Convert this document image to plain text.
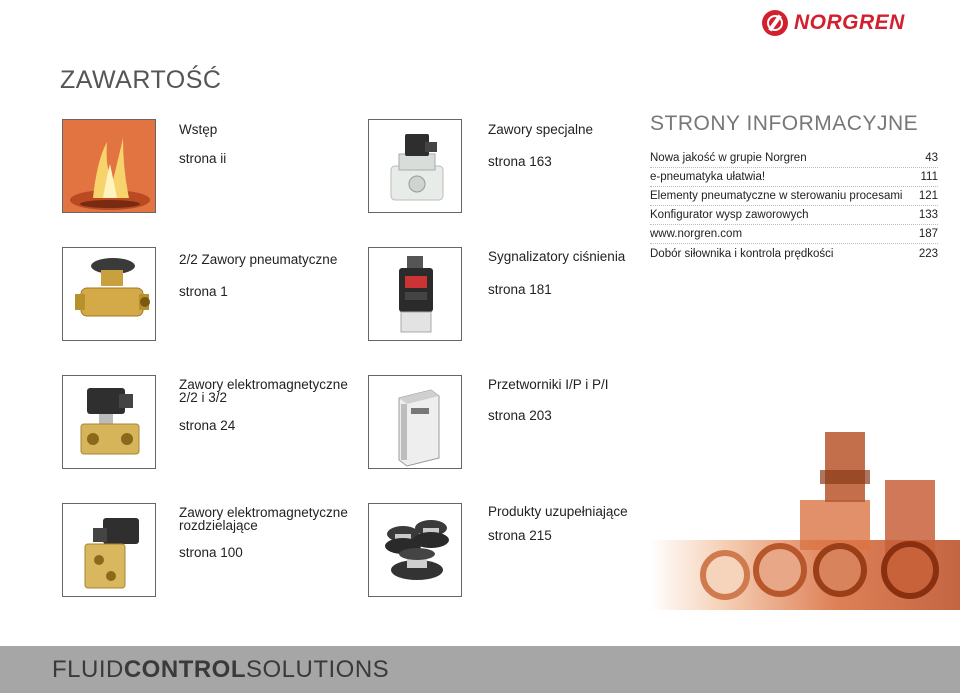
NORGREN
ZAWARTOŚĆ
Wstęp
strona ii
Zawory specjalne
strona 163
2/2 Zawory pneumatyczne
strona 1
Sygnalizatory ciśnienia
strona 181
Zawory elektromagnetyczne
2/2 i 3/2
strona 24
Przetworniki I/P i P/I
strona 203
Zawory elektromagnetyczne
rozdzielające
strona 100
Produkty uzupełniające
strona 215
STRONY INFORMACYJNE
Nowa jakość w grupie Norgren	43
e-pneumatyka ułatwia!	111
Elementy pneumatyczne w sterowaniu procesami 121
Konfigurator wysp zaworowych	133
www.norgren.com	187
Dobór siłownika i kontrola prędkości	223
FLUIDCONTROLSOLUTIONS
